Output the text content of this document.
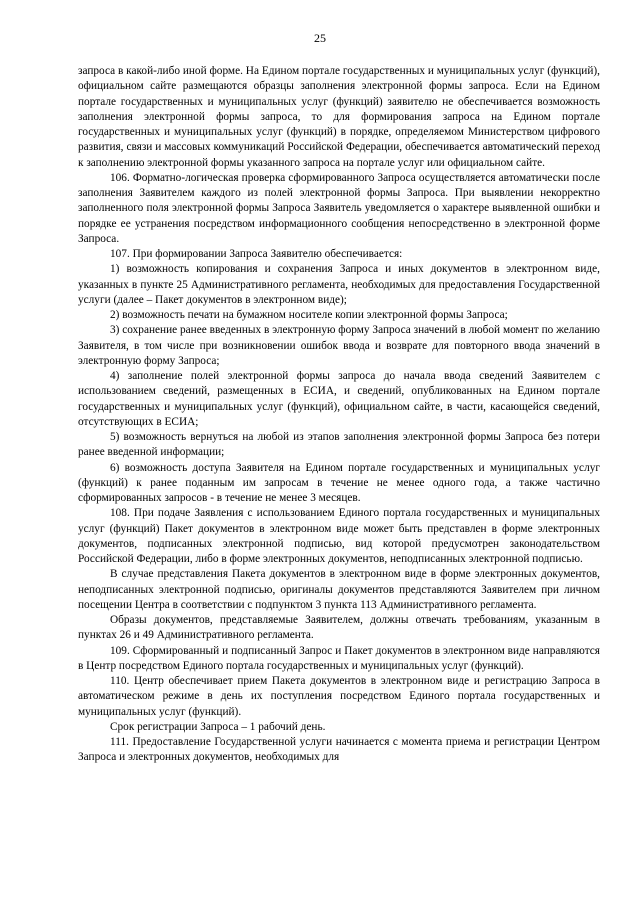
25

запроса в какой-либо иной форме. На Едином портале государственных и муниципальных услуг (функций), официальном сайте размещаются образцы заполнения электронной формы запроса. Если на Едином портале государственных и муниципальных услуг (функций) заявителю не обеспечивается возможность заполнения электронной формы запроса, то для формирования запроса на Едином портале государственных и муниципальных услуг (функций) в порядке, определяемом Министерством цифрового развития, связи и массовых коммуникаций Российской Федерации, обеспечивается автоматический переход к заполнению электронной формы указанного запроса на портале услуг или официальном сайте.

106. Форматно-логическая проверка сформированного Запроса осуществляется автоматически после заполнения Заявителем каждого из полей электронной формы Запроса. При выявлении некорректно заполненного поля электронной формы Запроса Заявитель уведомляется о характере выявленной ошибки и порядке ее устранения посредством информационного сообщения непосредственно в электронной форме Запроса.

107. При формировании Запроса Заявителю обеспечивается:

1) возможность копирования и сохранения Запроса и иных документов в электронном виде, указанных в пункте 25 Административного регламента, необходимых для предоставления Государственной услуги (далее – Пакет документов в электронном виде);

2) возможность печати на бумажном носителе копии электронной формы Запроса;

3) сохранение ранее введенных в электронную форму Запроса значений в любой момент по желанию Заявителя, в том числе при возникновении ошибок ввода и возврате для повторного ввода значений в электронную форму Запроса;

4) заполнение полей электронной формы запроса до начала ввода сведений Заявителем с использованием сведений, размещенных в ЕСИА, и сведений, опубликованных на Едином портале государственных и муниципальных услуг (функций), официальном сайте, в части, касающейся сведений, отсутствующих в ЕСИА;

5) возможность вернуться на любой из этапов заполнения электронной формы Запроса без потери ранее введенной информации;

6) возможность доступа Заявителя на Едином портале государственных и муниципальных услуг (функций) к ранее поданным им запросам в течение не менее одного года, а также частично сформированных запросов - в течение не менее 3 месяцев.

108. При подаче Заявления с использованием Единого портала государственных и муниципальных услуг (функций) Пакет документов в электронном виде может быть представлен в форме электронных документов, подписанных электронной подписью, вид которой предусмотрен законодательством Российской Федерации, либо в форме электронных документов, неподписанных электронной подписью.

В случае представления Пакета документов в электронном виде в форме электронных документов, неподписанных электронной подписью, оригиналы документов представляются Заявителем при личном посещении Центра в соответствии с подпунктом 3 пункта 113 Административного регламента.

Образы документов, представляемые Заявителем, должны отвечать требованиям, указанным в пунктах 26 и 49 Административного регламента.

109. Сформированный и подписанный Запрос и Пакет документов в электронном виде направляются в Центр посредством Единого портала государственных и муниципальных услуг (функций).

110. Центр обеспечивает прием Пакета документов в электронном виде и регистрацию Запроса в автоматическом режиме в день их поступления посредством Единого портала государственных и муниципальных услуг (функций).

Срок регистрации Запроса – 1 рабочий день.

111. Предоставление Государственной услуги начинается с момента приема и регистрации Центром Запроса и электронных документов, необходимых для
